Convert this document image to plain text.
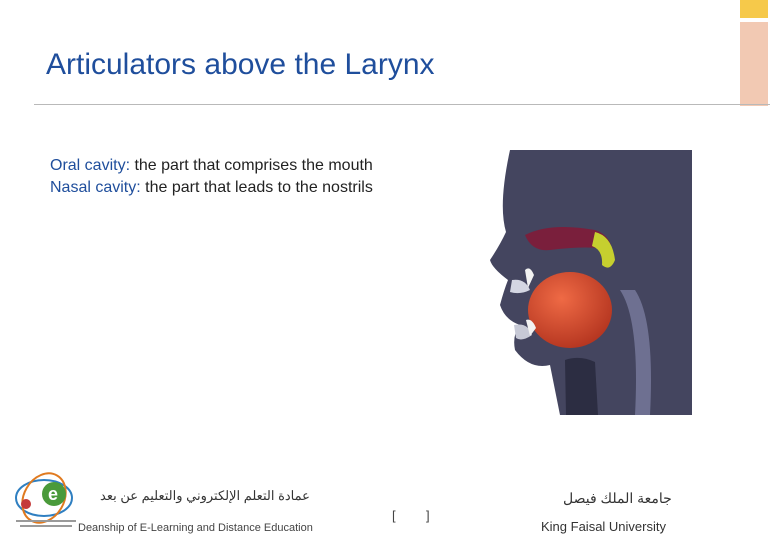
Articulators above the Larynx
Oral cavity: the part that comprises the mouth
Nasal cavity: the part that leads to the nostrils
e	عمادة التعلم الإلكتروني والتعليم عن بعد
Deanship of E-Learning and Distance Education
[ ]
جامعة الملك فيصل
King Faisal University
